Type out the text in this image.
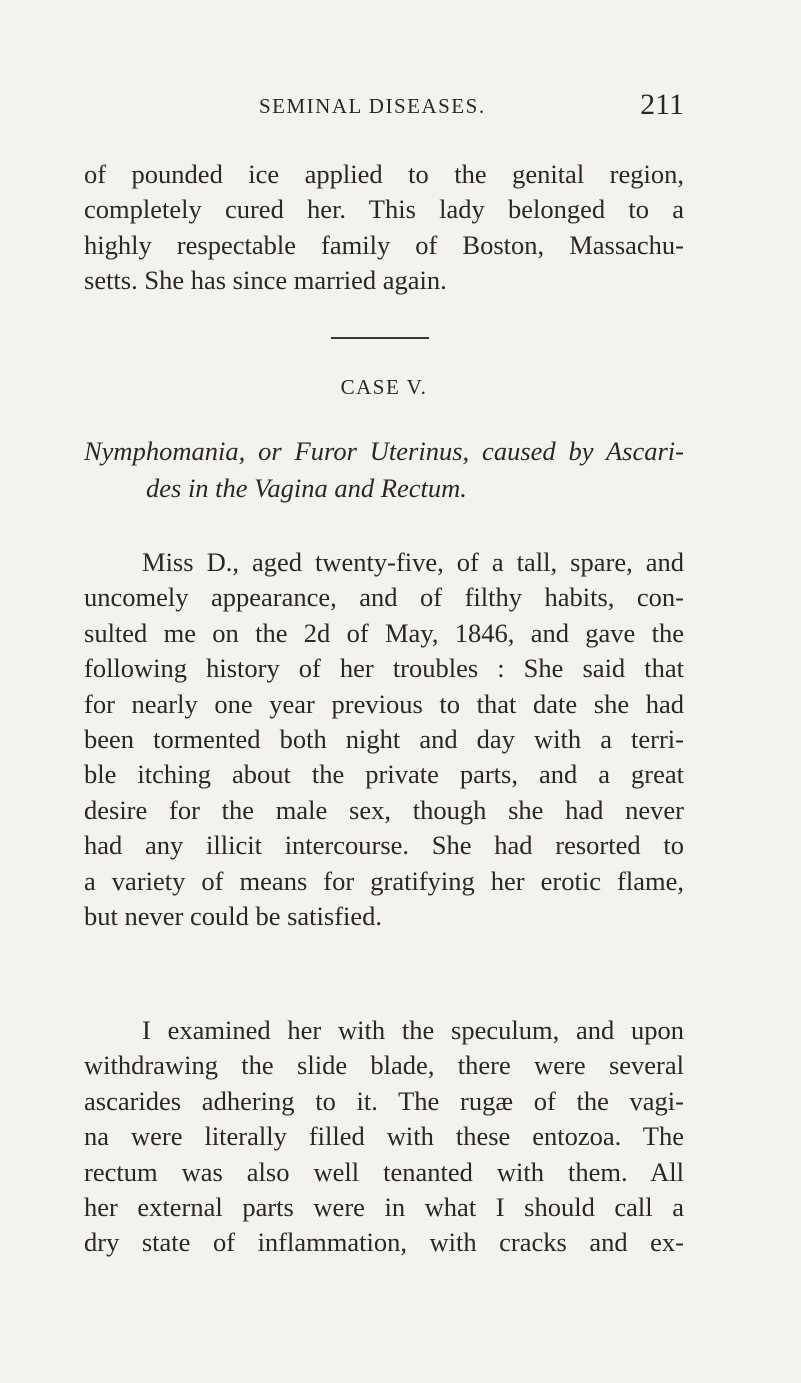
SEMINAL DISEASES.	211
of pounded ice applied to the genital region,
completely cured her. This lady belonged to a
highly respectable family of Boston, Massachu-
setts. She has since married again.
CASE V.
Nymphomania, or Furor Uterinus, caused by Ascari-
des in the Vagina and Rectum.
Miss D., aged twenty-five, of a tall, spare, and
uncomely appearance, and of filthy habits, con-
sulted me on the 2d of May, 1846, and gave the
following history of her troubles : She said that
for nearly one year previous to that date she had
been tormented both night and day with a terri-
ble itching about the private parts, and a great
desire for the male sex, though she had never
had any illicit intercourse. She had resorted to
a variety of means for gratifying her erotic flame,
but never could be satisfied.
I examined her with the speculum, and upon
withdrawing the slide blade, there were several
ascarides adhering to it. The rugæ of the vagi-
na were literally filled with these entozoa. The
rectum was also well tenanted with them. All
her external parts were in what I should call a
dry state of inflammation, with cracks and ex-
